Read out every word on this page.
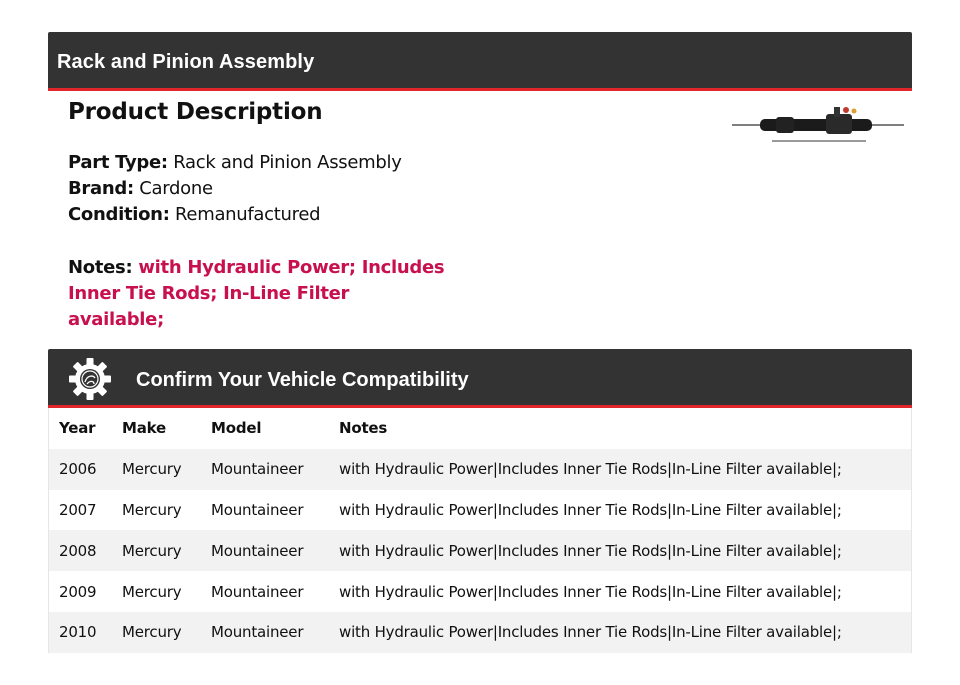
Rack and Pinion Assembly
Product Description
Part Type: Rack and Pinion Assembly
Brand: Cardone
Condition: Remanufactured
Notes: with Hydraulic Power; Includes Inner Tie Rods; In-Line Filter available;
Confirm Your Vehicle Compatibility
Year	Make	Model	Notes
2006	Mercury	Mountaineer	with Hydraulic Power|Includes Inner Tie Rods|In-Line Filter available|;
2007	Mercury	Mountaineer	with Hydraulic Power|Includes Inner Tie Rods|In-Line Filter available|;
2008	Mercury	Mountaineer	with Hydraulic Power|Includes Inner Tie Rods|In-Line Filter available|;
2009	Mercury	Mountaineer	with Hydraulic Power|Includes Inner Tie Rods|In-Line Filter available|;
2010	Mercury	Mountaineer	with Hydraulic Power|Includes Inner Tie Rods|In-Line Filter available|;
